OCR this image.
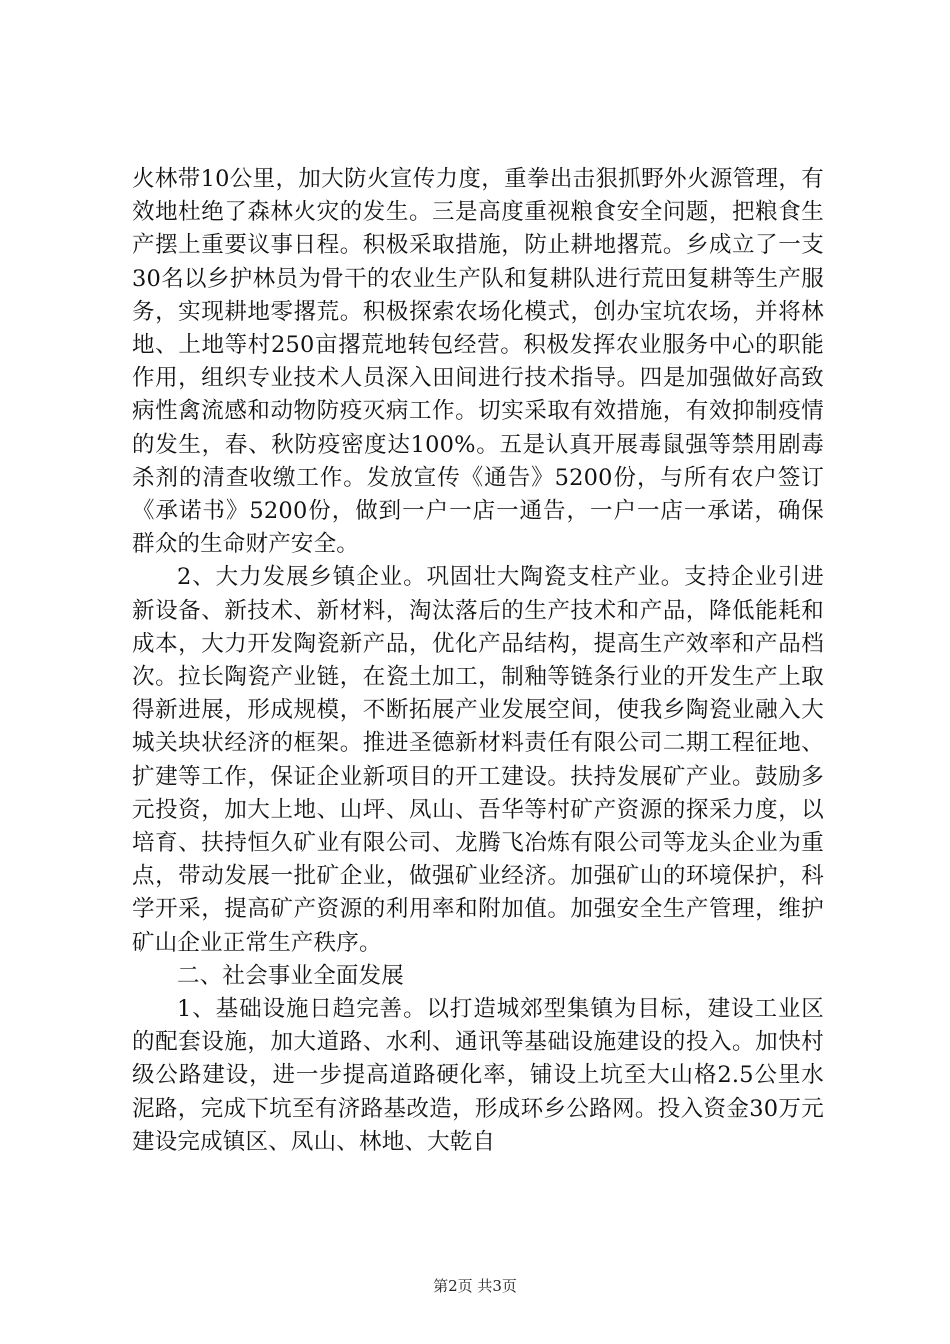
火林带10公里，加大防火宣传力度，重拳出击狠抓野外火源管理，有效地杜绝了森林火灾的发生。三是高度重视粮食安全问题，把粮食生产摆上重要议事日程。积极采取措施，防止耕地撂荒。乡成立了一支30名以乡护林员为骨干的农业生产队和复耕队进行荒田复耕等生产服务，实现耕地零撂荒。积极探索农场化模式，创办宝坑农场，并将林地、上地等村250亩撂荒地转包经营。积极发挥农业服务中心的职能作用，组织专业技术人员深入田间进行技术指导。四是加强做好高致病性禽流感和动物防疫灭病工作。切实采取有效措施，有效抑制疫情的发生，春、秋防疫密度达100%。五是认真开展毒鼠强等禁用剧毒杀剂的清查收缴工作。发放宣传《通告》5200份，与所有农户签订《承诺书》5200份，做到一户一店一通告，一户一店一承诺，确保群众的生命财产安全。

2、大力发展乡镇企业。巩固壮大陶瓷支柱产业。支持企业引进新设备、新技术、新材料，淘汰落后的生产技术和产品，降低能耗和成本，大力开发陶瓷新产品，优化产品结构，提高生产效率和产品档次。拉长陶瓷产业链，在瓷土加工，制釉等链条行业的开发生产上取得新进展，形成规模，不断拓展产业发展空间，使我乡陶瓷业融入大城关块状经济的框架。推进圣德新材料责任有限公司二期工程征地、扩建等工作，保证企业新项目的开工建设。扶持发展矿产业。鼓励多元投资，加大上地、山坪、凤山、吾华等村矿产资源的探采力度，以培育、扶持恒久矿业有限公司、龙腾飞冶炼有限公司等龙头企业为重点，带动发展一批矿企业，做强矿业经济。加强矿山的环境保护，科学开采，提高矿产资源的利用率和附加值。加强安全生产管理，维护矿山企业正常生产秩序。

二、社会事业全面发展

1、基础设施日趋完善。以打造城郊型集镇为目标，建设工业区的配套设施，加大道路、水利、通讯等基础设施建设的投入。加快村级公路建设，进一步提高道路硬化率，铺设上坑至大山格2.5公里水泥路，完成下坑至有济路基改造，形成环乡公路网。投入资金30万元建设完成镇区、凤山、林地、大乾自

第2页 共3页
